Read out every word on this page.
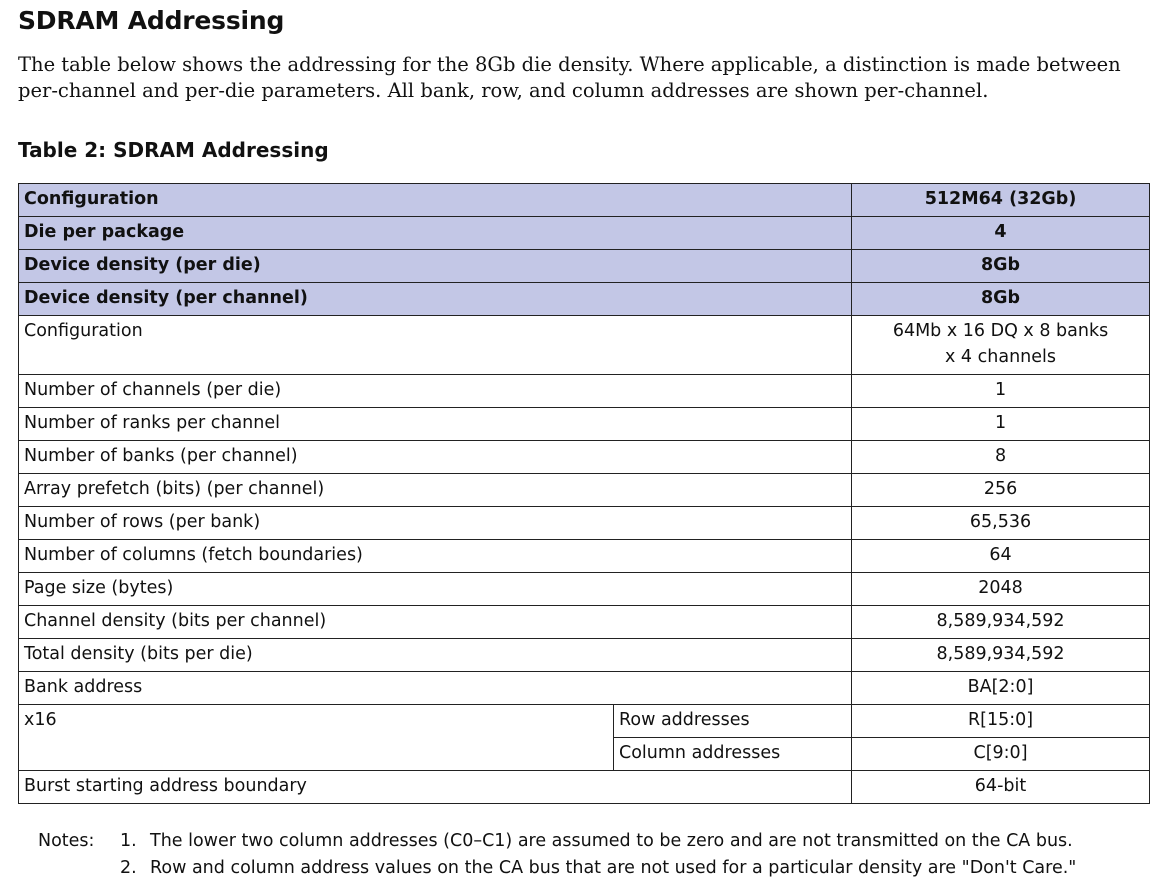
SDRAM Addressing

The table below shows the addressing for the 8Gb die density. Where applicable, a distinction is made between per-channel and per-die parameters. All bank, row, and column addresses are shown per-channel.

Table 2: SDRAM Addressing
Configuration		512M64 (32Gb)
Die per package		4
Device density (per die)		8Gb
Device density (per channel)		8Gb
Configuration		64Mb x 16 DQ x 8 banks
x 4 channels

Number of channels (per die)		1
Number of ranks per channel		1
Number of banks (per channel)		8
Array prefetch (bits) (per channel)		256
Number of rows (per bank)		65,536
Number of columns (fetch boundaries)		64
Page size (bytes)		2048
Channel density (bits per channel)		8,589,934,592
Total density (bits per die)		8,589,934,592
Bank address		BA[2:0]
x16	Row addresses	R[15:0]
	Column addresses	C[9:0]
Burst starting address boundary		64-bit
Notes: 1. The lower two column addresses (C0–C1) are assumed to be zero and are not transmitted on the CA bus.
2. Row and column address values on the CA bus that are not used for a particular density are "Don't Care."
